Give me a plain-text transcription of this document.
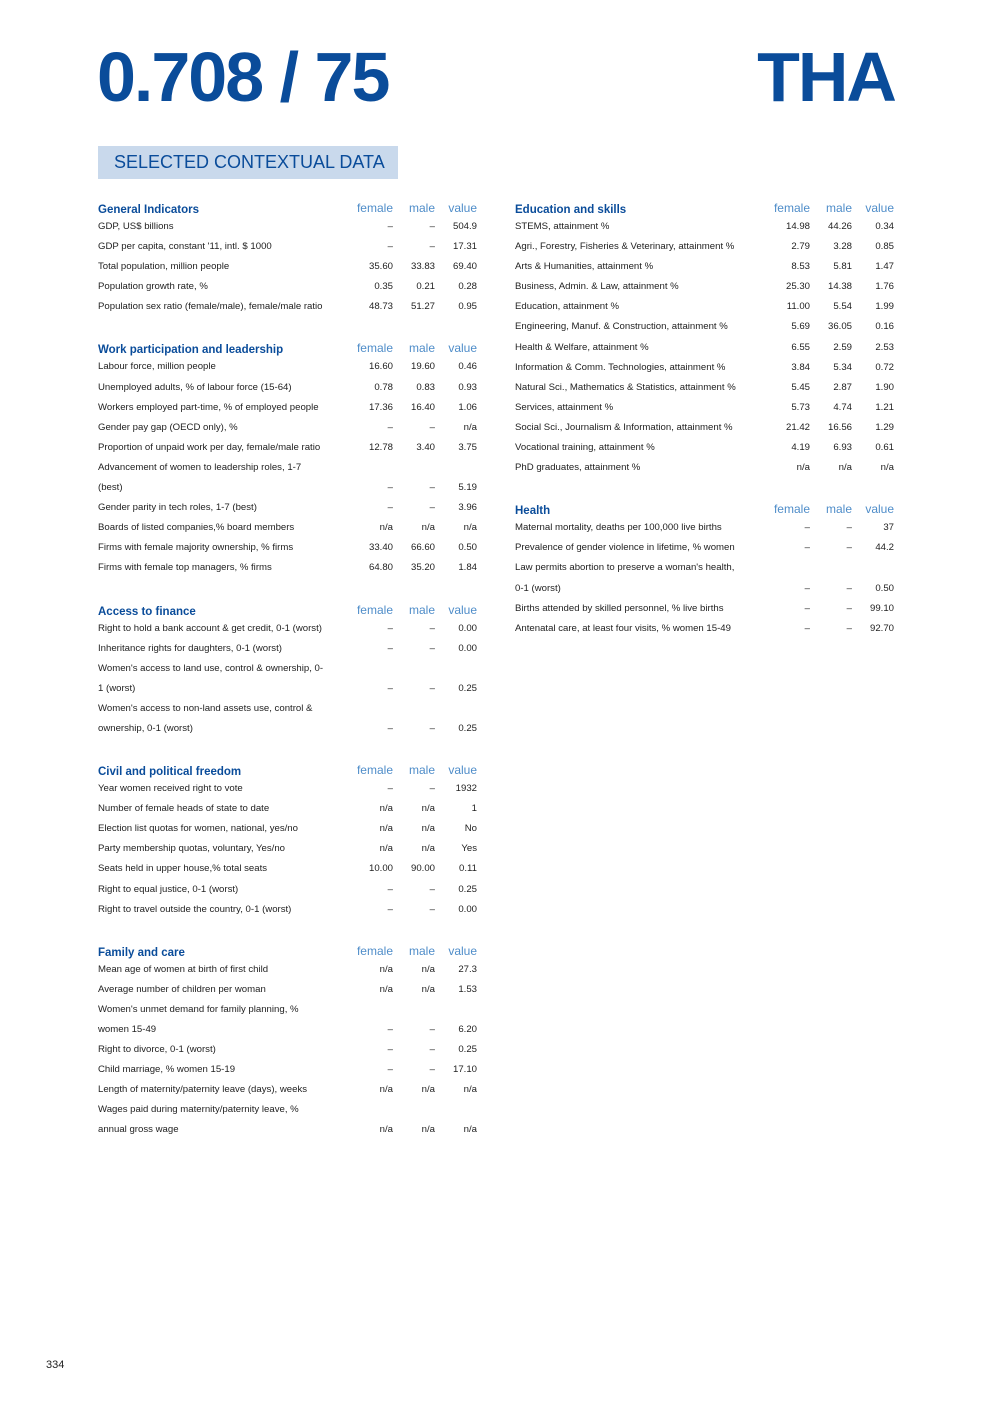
0.708 / 75	THA
SELECTED CONTEXTUAL DATA
General Indicators	female	male	value
GDP, US$ billions	–	–	504.9
GDP per capita, constant '11, intl. $ 1000	–	–	17.31
Total population, million people	35.60	33.83	69.40
Population growth rate, %	0.35	0.21	0.28
Population sex ratio (female/male), female/male ratio	48.73	51.27	0.95
Work participation and leadership	female	male	value
Labour force, million people	16.60	19.60	0.46
Unemployed adults, % of labour force (15-64)	0.78	0.83	0.93
Workers employed part-time, % of employed people	17.36	16.40	1.06
Gender pay gap (OECD only), %	–	–	n/a
Proportion of unpaid work per day, female/male ratio	12.78	3.40	3.75
Advancement of women to leadership roles, 1-7
(best)	–	–	5.19
Gender parity in tech roles, 1-7 (best)	–	–	3.96
Boards of listed companies,% board members	n/a	n/a	n/a
Firms with female majority ownership, % firms	33.40	66.60	0.50
Firms with female top managers, % firms	64.80	35.20	1.84
Access to finance	female	male	value
Right to hold a bank account & get credit, 0-1 (worst)	–	–	0.00
Inheritance rights for daughters, 0-1 (worst)	–	–	0.00
Women's access to land use, control & ownership, 0-
1 (worst)	–	–	0.25
Women's access to non-land assets use, control &
ownership, 0-1 (worst)	–	–	0.25
Civil and political freedom	female	male	value
Year women received right to vote	–	–	1932
Number of female heads of state to date	n/a	n/a	1
Election list quotas for women, national, yes/no	n/a	n/a	No
Party membership quotas, voluntary, Yes/no	n/a	n/a	Yes
Seats held in upper house,% total seats	10.00	90.00	0.11
Right to equal justice, 0-1 (worst)	–	–	0.25
Right to travel outside the country, 0-1 (worst)	–	–	0.00
Family and care	female	male	value
Mean age of women at birth of first child	n/a	n/a	27.3
Average number of children per woman	n/a	n/a	1.53
Women's unmet demand for family planning, %
women 15-49	–	–	6.20
Right to divorce, 0-1 (worst)	–	–	0.25
Child marriage, % women 15-19	–	–	17.10
Length of maternity/paternity leave (days), weeks	n/a	n/a	n/a
Wages paid during maternity/paternity leave, %
annual gross wage	n/a	n/a	n/a
Education and skills	female	male	value
STEMS, attainment %	14.98	44.26	0.34
Agri., Forestry, Fisheries & Veterinary, attainment %	2.79	3.28	0.85
Arts & Humanities, attainment %	8.53	5.81	1.47
Business, Admin. & Law, attainment %	25.30	14.38	1.76
Education, attainment %	11.00	5.54	1.99
Engineering, Manuf. & Construction, attainment %	5.69	36.05	0.16
Health & Welfare, attainment %	6.55	2.59	2.53
Information & Comm. Technologies, attainment %	3.84	5.34	0.72
Natural Sci., Mathematics & Statistics, attainment %	5.45	2.87	1.90
Services, attainment %	5.73	4.74	1.21
Social Sci., Journalism & Information, attainment %	21.42	16.56	1.29
Vocational training, attainment %	4.19	6.93	0.61
PhD graduates, attainment %	n/a	n/a	n/a
Health	female	male	value
Maternal mortality, deaths per 100,000 live births	–	–	37
Prevalence of gender violence in lifetime, % women	–	–	44.2
Law permits abortion to preserve a woman's health,
0-1 (worst)	–	–	0.50
Births attended by skilled personnel, % live births	–	–	99.10
Antenatal care, at least four visits, % women 15-49	–	–	92.70
334
